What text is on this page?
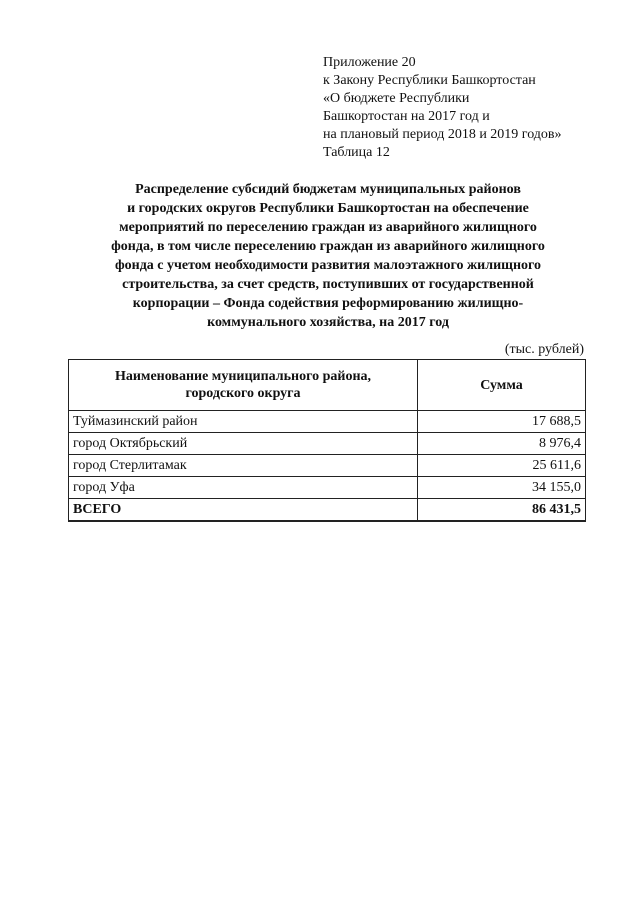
Приложение 20
к Закону Республики Башкортостан
«О бюджете Республики
Башкортостан на 2017 год и
на плановый период 2018 и 2019 годов»
Таблица 12
Распределение субсидий бюджетам муниципальных районов
и городских округов Республики Башкортостан на обеспечение
мероприятий по переселению граждан из аварийного жилищного
фонда, в том числе переселению граждан из аварийного жилищного
фонда с учетом необходимости развития малоэтажного жилищного
строительства, за счет средств, поступивших от государственной
корпорации – Фонда содействия реформированию жилищно-
коммунального хозяйства, на 2017 год
(тыс. рублей)
Наименование муниципального района,
городского округа	Сумма
Туймазинский район	17 688,5
город Октябрьский	8 976,4
город Стерлитамак	25 611,6
город Уфа	34 155,0
ВСЕГО	86 431,5
